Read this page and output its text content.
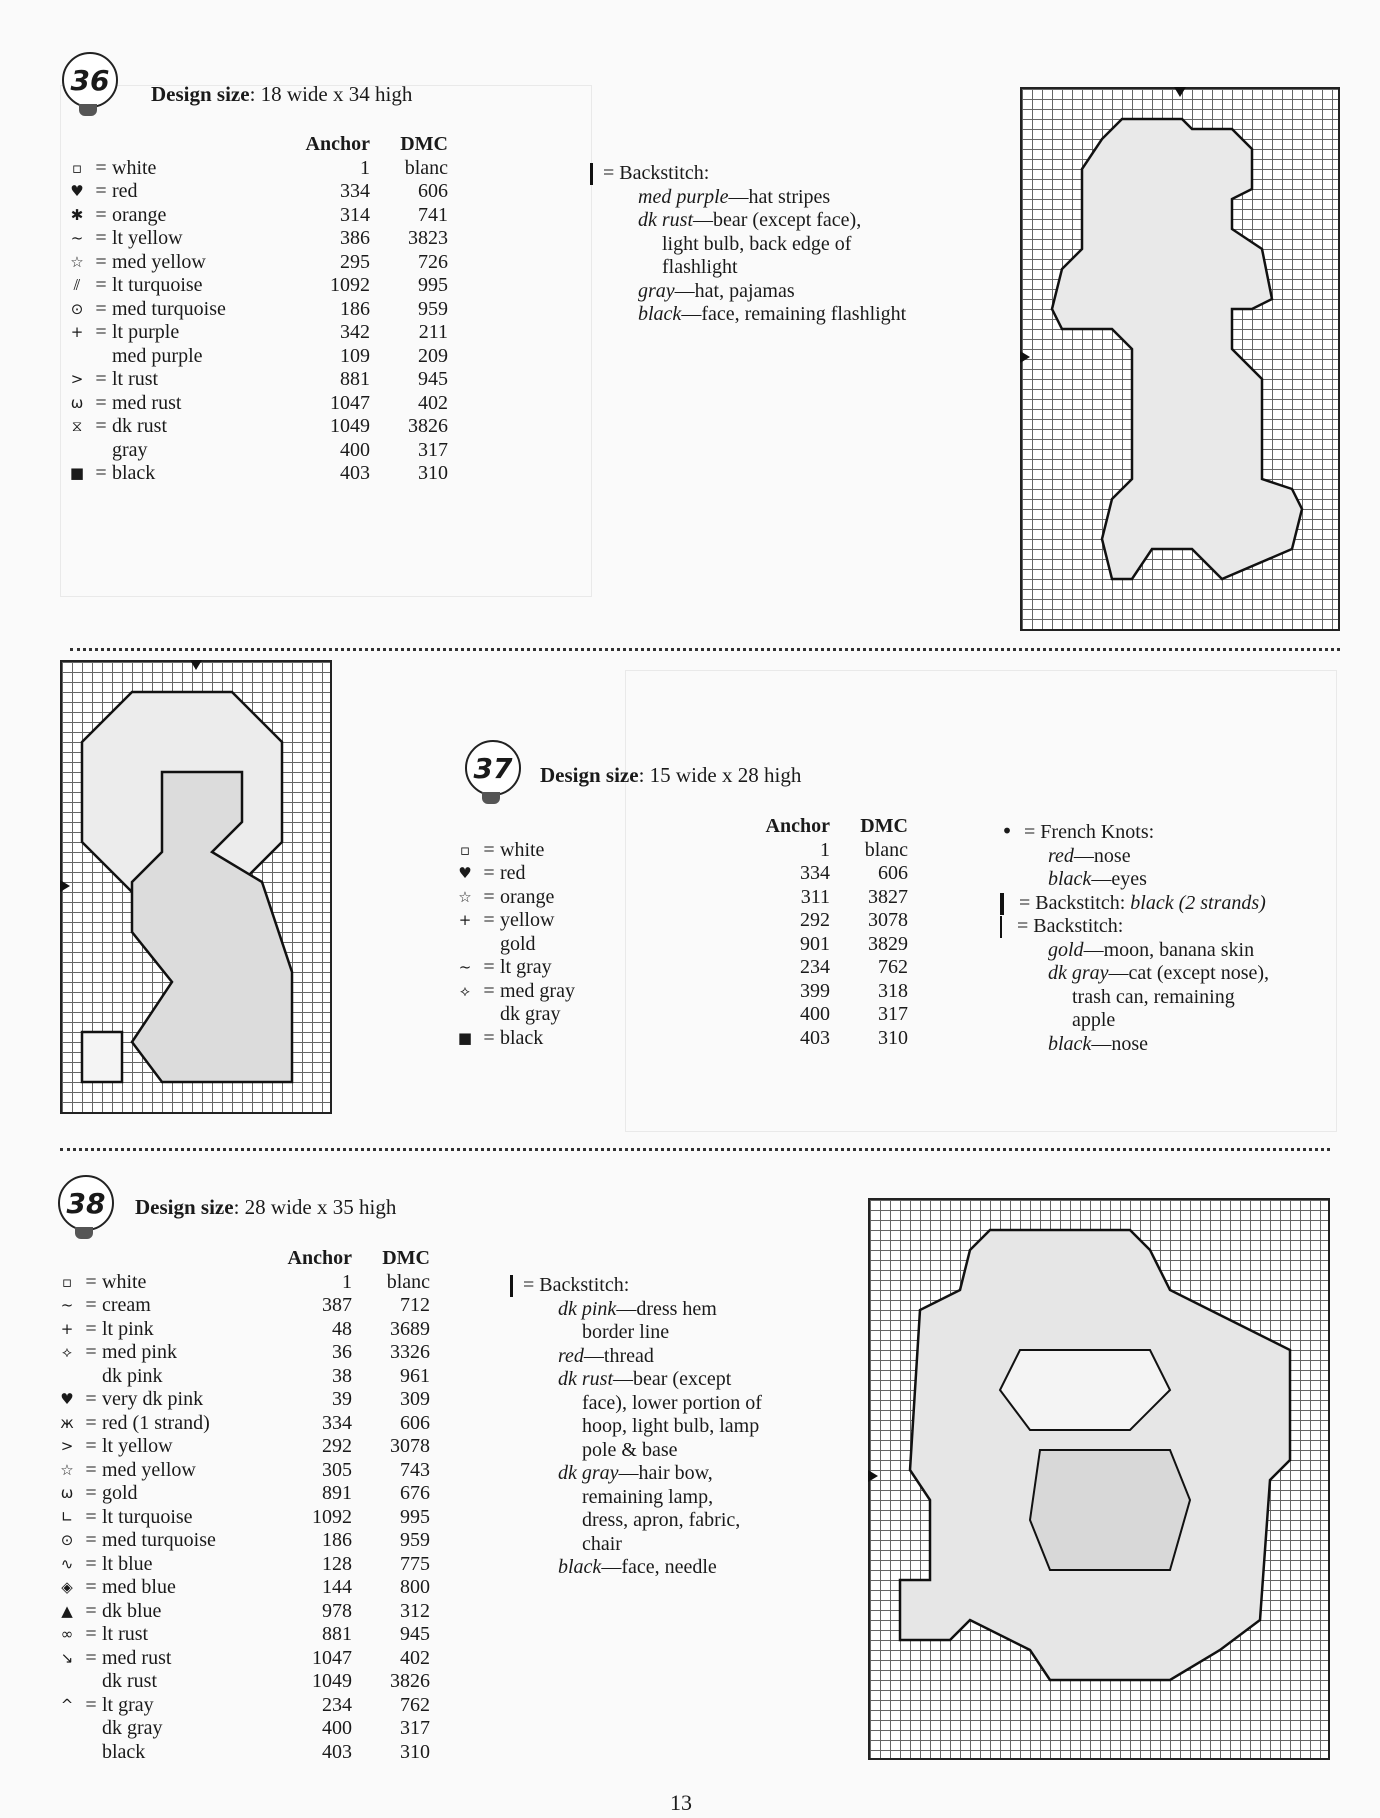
36 Design size: 18 wide x 34 high
Anchor	DMC
▫ = white	1	blanc
♥ = red	334	606
✱ = orange	314	741
~ = lt yellow	386	3823
☆ = med yellow	295	726
⫽ = lt turquoise	1092	995
⊙ = med turquoise	186	959
+ = lt purple	342	211
med purple	109	209
> = lt rust	881	945
ω = med rust	1047	402
⧖ = dk rust	1049	3826
gray	400	317
■ = black	403	310
= Backstitch:
med purple—hat stripes
dk rust—bear (except face),
light bulb, back edge of
flashlight
gray—hat, pajamas
black—face, remaining flashlight
37 Design size: 15 wide x 28 high
Anchor	DMC
▫ = white	1	blanc
♥ = red	334	606
☆ = orange	311	3827
+ = yellow	292	3078
gold	901	3829
~ = lt gray	234	762
⟡ = med gray	399	318
dk gray	400	317
■ = black	403	310
• = French Knots:
red—nose
black—eyes
= Backstitch: black (2 strands)
= Backstitch:
gold—moon, banana skin
dk gray—cat (except nose),
trash can, remaining
apple
black—nose
38 Design size: 28 wide x 35 high
Anchor	DMC
▫ = white	1	blanc
~ = cream	387	712
+ = lt pink	48	3689
⟡ = med pink	36	3326
dk pink	38	961
♥ = very dk pink	39	309
ж = red (1 strand)	334	606
> = lt yellow	292	3078
☆ = med yellow	305	743
ω = gold	891	676
∟ = lt turquoise	1092	995
⊙ = med turquoise	186	959
∿ = lt blue	128	775
◈ = med blue	144	800
▲ = dk blue	978	312
∞ = lt rust	881	945
↘ = med rust	1047	402
dk rust	1049	3826
^ = lt gray	234	762
dk gray	400	317
black	403	310
= Backstitch:
dk pink—dress hem
border line
red—thread
dk rust—bear (except
face), lower portion of
hoop, light bulb, lamp
pole & base
dk gray—hair bow,
remaining lamp,
dress, apron, fabric,
chair
black—face, needle
13
